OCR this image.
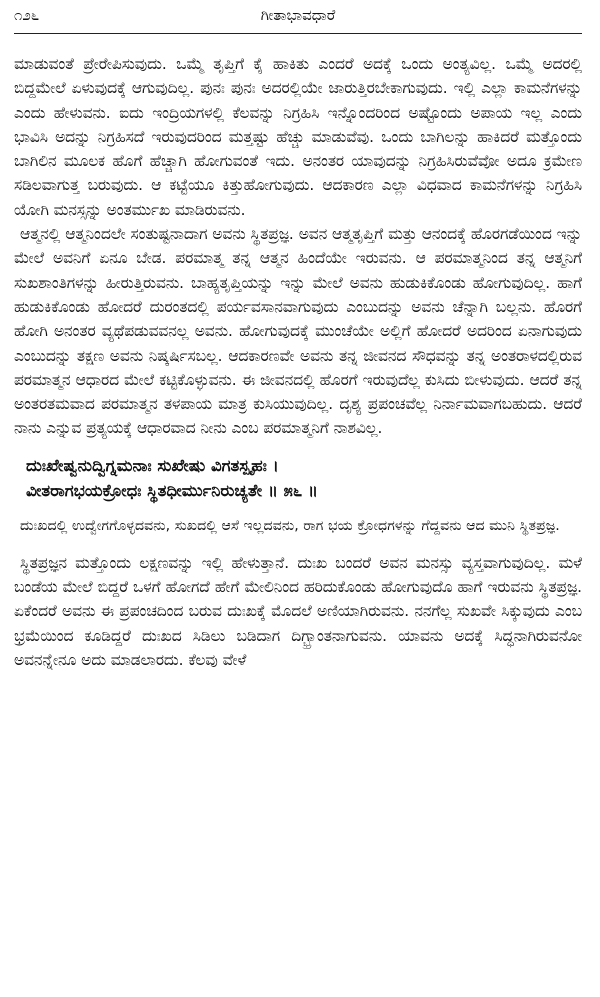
೧೨೬	ಗೀತಾಭಾವಧಾರೆ

ಮಾಡುವಂತೆ ಪ್ರೇರೇಪಿಸುವುದು. ಒಮ್ಮೆ ತೃಪ್ತಿಗೆ ಕೈ ಹಾಕಿತು ಎಂದರೆ ಅದಕ್ಕೆ ಒಂದು ಅಂತ್ಯವಿಲ್ಲ. ಒಮ್ಮೆ ಅದರಲ್ಲಿ ಬಿದ್ದಮೇಲೆ ಏಳುವುದಕ್ಕೆ ಆಗುವುದಿಲ್ಲ. ಪುನಃ ಪುನಃ ಅದರಲ್ಲಿಯೇ ಜಾರುತ್ತಿರಬೇಕಾಗುವುದು. ಇಲ್ಲಿ ಎಲ್ಲಾ ಕಾಮನೆಗಳನ್ನು ಎಂದು ಹೇಳುವನು. ಐದು ಇಂದ್ರಿಯಗಳಲ್ಲಿ ಕೆಲವನ್ನು ನಿಗ್ರಹಿಸಿ ಇನ್ನೊಂದರಿಂದ ಅಷ್ಟೊಂದು ಅಪಾಯ ಇಲ್ಲ ಎಂದು ಭಾವಿಸಿ ಅದನ್ನು ನಿಗ್ರಹಿಸದೆ ಇರುವುದರಿಂದ ಮತ್ತಷ್ಟು ಹೆಚ್ಚು ಮಾಡುವೆವು. ಒಂದು ಬಾಗಿಲನ್ನು ಹಾಕಿದರೆ ಮತ್ತೊಂದು ಬಾಗಿಲಿನ ಮೂಲಕ ಹೊಗೆ ಹೆಚ್ಚಾಗಿ ಹೋಗುವಂತೆ ಇದು. ಅನಂತರ ಯಾವುದನ್ನು ನಿಗ್ರಹಿಸಿರುವೆವೋ ಅದೂ ಕ್ರಮೇಣ ಸಡಿಲವಾಗುತ್ತ ಬರುವುದು. ಆ ಕಟ್ಟೆಯೂ ಕಿತ್ತುಹೋಗುವುದು. ಆದಕಾರಣ ಎಲ್ಲಾ ವಿಧವಾದ ಕಾಮನೆಗಳನ್ನು ನಿಗ್ರಹಿಸಿ ಯೋಗಿ ಮನಸ್ಸನ್ನು ಅಂತರ್ಮುಖ ಮಾಡಿರುವನು.

ಆತ್ಮನಲ್ಲಿ ಆತ್ಮನಿಂದಲೇ ಸಂತುಷ್ಟನಾದಾಗ ಅವನು ಸ್ಥಿತಪ್ರಜ್ಞ. ಅವನ ಆತ್ಮತೃಪ್ತಿಗೆ ಮತ್ತು ಆನಂದಕ್ಕೆ ಹೊರಗಡೆಯಿಂದ ಇನ್ನು ಮೇಲೆ ಅವನಿಗೆ ಏನೂ ಬೇಡ. ಪರಮಾತ್ಮ ತನ್ನ ಆತ್ಮನ ಹಿಂದೆಯೇ ಇರುವನು. ಆ ಪರಮಾತ್ಮನಿಂದ ತನ್ನ ಆತ್ಮನಿಗೆ ಸುಖಶಾಂತಿಗಳನ್ನು ಹೀರುತ್ತಿರುವನು. ಬಾಹ್ಯತೃಪ್ತಿಯನ್ನು ಇನ್ನು ಮೇಲೆ ಅವನು ಹುಡುಕಿಕೊಂಡು ಹೋಗುವುದಿಲ್ಲ. ಹಾಗೆ ಹುಡುಕಿಕೊಂಡು ಹೋದರೆ ದುರಂತದಲ್ಲಿ ಪರ್ಯವಸಾನವಾಗುವುದು ಎಂಬುದನ್ನು ಅವನು ಚೆನ್ನಾಗಿ ಬಲ್ಲನು. ಹೊರಗೆ ಹೋಗಿ ಅನಂತರ ವ್ಯಥೆಪಡುವವನಲ್ಲ ಅವನು. ಹೋಗುವುದಕ್ಕೆ ಮುಂಚೆಯೇ ಅಲ್ಲಿಗೆ ಹೋದರೆ ಅದರಿಂದ ಏನಾಗುವುದು ಎಂಬುದನ್ನು ತಕ್ಷಣ ಅವನು ನಿಷ್ಕರ್ಷಿಸಬಲ್ಲ. ಆದಕಾರಣವೇ ಅವನು ತನ್ನ ಜೀವನದ ಸೌಧವನ್ನು ತನ್ನ ಅಂತರಾಳದಲ್ಲಿರುವ ಪರಮಾತ್ಮನ ಆಧಾರದ ಮೇಲೆ ಕಟ್ಟಿಕೊಳ್ಳುವನು. ಈ ಜೀವನದಲ್ಲಿ ಹೊರಗೆ ಇರುವುದೆಲ್ಲ ಕುಸಿದು ಬೀಳುವುದು. ಆದರೆ ತನ್ನ ಅಂತರತಮವಾದ ಪರಮಾತ್ಮನ ತಳಪಾಯ ಮಾತ್ರ ಕುಸಿಯುವುದಿಲ್ಲ. ದೃಶ್ಯ ಪ್ರಪಂಚವೆಲ್ಲ ನಿರ್ನಾಮವಾಗಬಹುದು. ಆದರೆ ನಾನು ಎನ್ನುವ ಪ್ರತ್ಯಯಕ್ಕೆ ಆಧಾರವಾದ ನೀನು ಎಂಬ ಪರಮಾತ್ಮನಿಗೆ ನಾಶವಿಲ್ಲ.

ದುಃಖೇಷ್ವನುದ್ವಿಗ್ನಮನಾಃ ಸುಖೇಷು ವಿಗತಸ್ಪೃಹಃ ।
ವೀತರಾಗಭಯಕ್ರೋಧಃ ಸ್ಥಿತಧೀರ್ಮುನಿರುಚ್ಯತೇ ॥ ೫೬ ॥

ದುಃಖದಲ್ಲಿ ಉದ್ವೇಗಗೊಳ್ಳದವನು, ಸುಖದಲ್ಲಿ ಆಸೆ ಇಲ್ಲದವನು, ರಾಗ ಭಯ ಕ್ರೋಧಗಳನ್ನು ಗೆದ್ದವನು ಆದ ಮುನಿ ಸ್ಥಿತಪ್ರಜ್ಞ.

ಸ್ಥಿತಪ್ರಜ್ಞನ ಮತ್ತೊಂದು ಲಕ್ಷಣವನ್ನು ಇಲ್ಲಿ ಹೇಳುತ್ತಾನೆ. ದುಃಖ ಬಂದರೆ ಅವನ ಮನಸ್ಸು ವ್ಯಸ್ತವಾಗುವುದಿಲ್ಲ. ಮಳೆ ಬಂಡೆಯ ಮೇಲೆ ಬಿದ್ದರೆ ಒಳಗೆ ಹೋಗದೆ ಹೇಗೆ ಮೇಲಿನಿಂದ ಹರಿದುಕೊಂಡು ಹೋಗುವುದೊ ಹಾಗೆ ಇರುವನು ಸ್ಥಿತಪ್ರಜ್ಞ. ಏಕೆಂದರೆ ಅವನು ಈ ಪ್ರಪಂಚದಿಂದ ಬರುವ ದುಃಖಕ್ಕೆ ಮೊದಲೆ ಅಣಿಯಾಗಿರುವನು. ನನಗೆಲ್ಲ ಸುಖವೇ ಸಿಕ್ಕುವುದು ಎಂಬ ಭ್ರಮೆಯಿಂದ ಕೂಡಿದ್ದರೆ ದುಃಖದ ಸಿಡಿಲು ಬಡಿದಾಗ ದಿಗ್ಭ್ರಾಂತನಾಗುವನು. ಯಾವನು ಅದಕ್ಕೆ ಸಿದ್ಧನಾಗಿರುವನೋ ಅವನನ್ನೇನೂ ಅದು ಮಾಡಲಾರದು. ಕೆಲವು ವೇಳೆ
